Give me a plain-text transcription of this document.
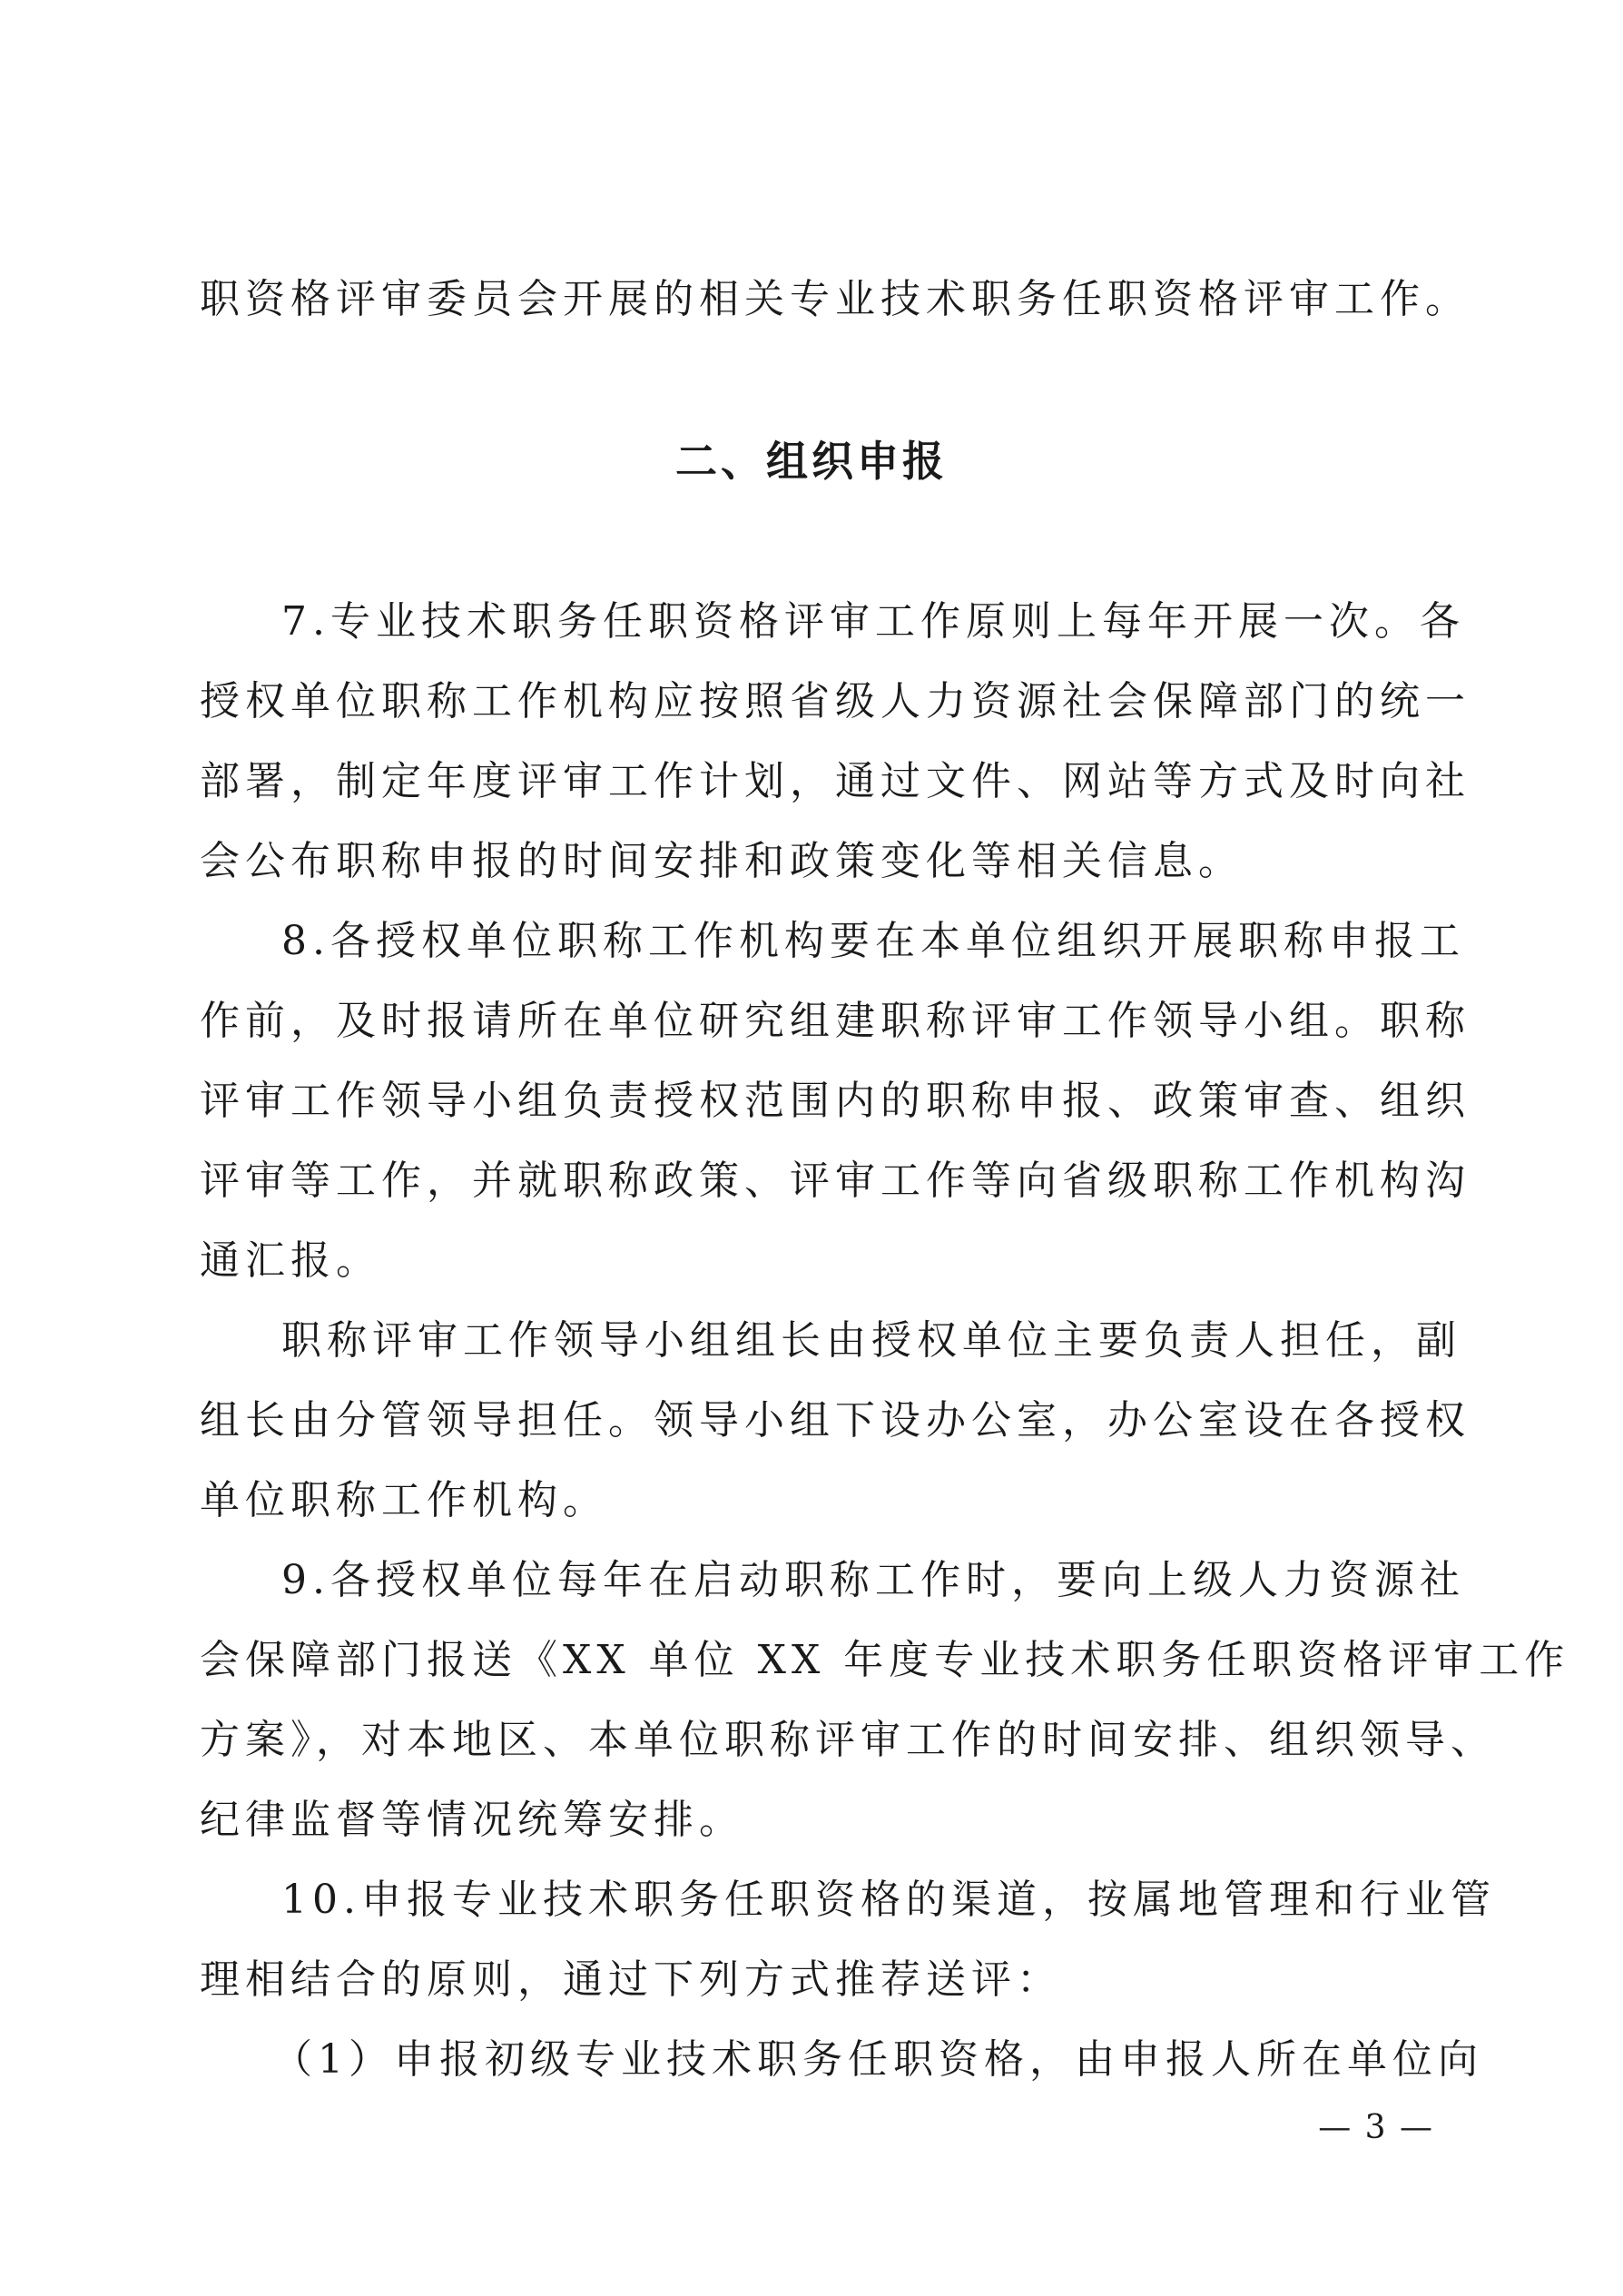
职资格评审委员会开展的相关专业技术职务任职资格评审工作。
二、组织申报
7.专业技术职务任职资格评审工作原则上每年开展一次。各
授权单位职称工作机构应按照省级人力资源社会保障部门的统一
部署，制定年度评审工作计划，通过文件、网站等方式及时向社
会公布职称申报的时间安排和政策变化等相关信息。
8.各授权单位职称工作机构要在本单位组织开展职称申报工
作前，及时报请所在单位研究组建职称评审工作领导小组。职称
评审工作领导小组负责授权范围内的职称申报、政策审查、组织
评审等工作，并就职称政策、评审工作等向省级职称工作机构沟
通汇报。
职称评审工作领导小组组长由授权单位主要负责人担任，副
组长由分管领导担任。领导小组下设办公室，办公室设在各授权
单位职称工作机构。
9.各授权单位每年在启动职称工作时，要向上级人力资源社
会保障部门报送《XX 单位 XX 年度专业技术职务任职资格评审工作
方案》，对本地区、本单位职称评审工作的时间安排、组织领导、
纪律监督等情况统筹安排。
10.申报专业技术职务任职资格的渠道，按属地管理和行业管
理相结合的原则，通过下列方式推荐送评：
（1）申报初级专业技术职务任职资格，由申报人所在单位向
— 3 —
